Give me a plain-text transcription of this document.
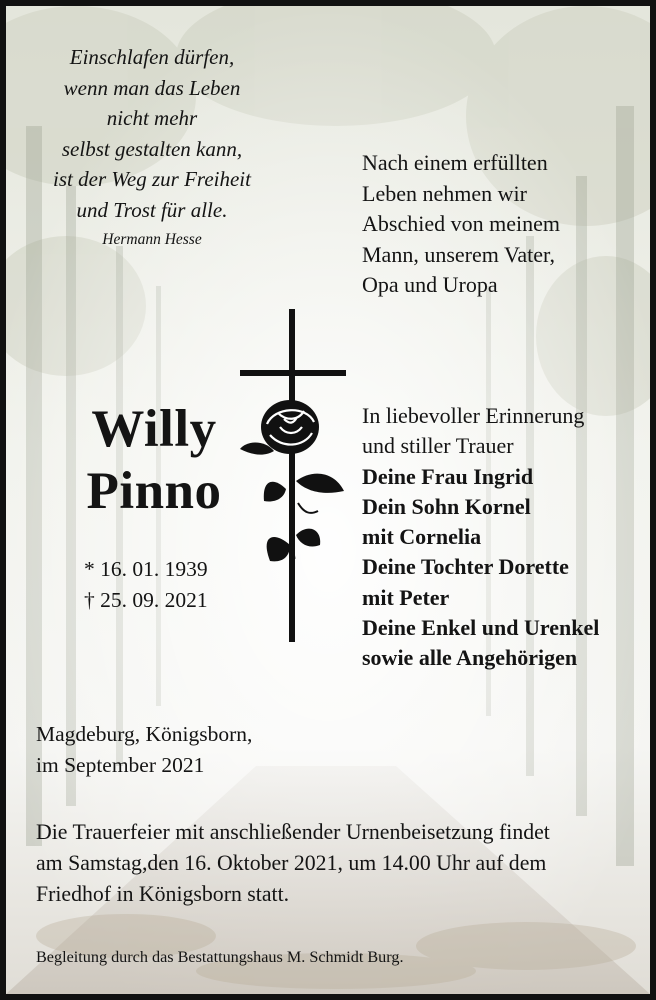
Einschlafen dürfen,
wenn man das Leben
nicht mehr
selbst gestalten kann,
ist der Weg zur Freiheit
und Trost für alle.
Hermann Hesse
Nach einem erfüllten
Leben nehmen wir
Abschied von meinem
Mann, unserem Vater,
Opa und Uropa
Willy
Pinno
* 16. 01. 1939
† 25. 09. 2021
In liebevoller Erinnerung
und stiller Trauer
Deine Frau Ingrid
Dein Sohn Kornel
mit Cornelia
Deine Tochter Dorette
mit Peter
Deine Enkel und Urenkel
sowie alle Angehörigen
Magdeburg, Königsborn,
im September 2021
Die Trauerfeier mit anschließender Urnenbeisetzung findet
am Samstag,den 16. Oktober 2021, um 14.00 Uhr auf dem
Friedhof in Königsborn statt.
Begleitung durch das Bestattungshaus M. Schmidt Burg.
